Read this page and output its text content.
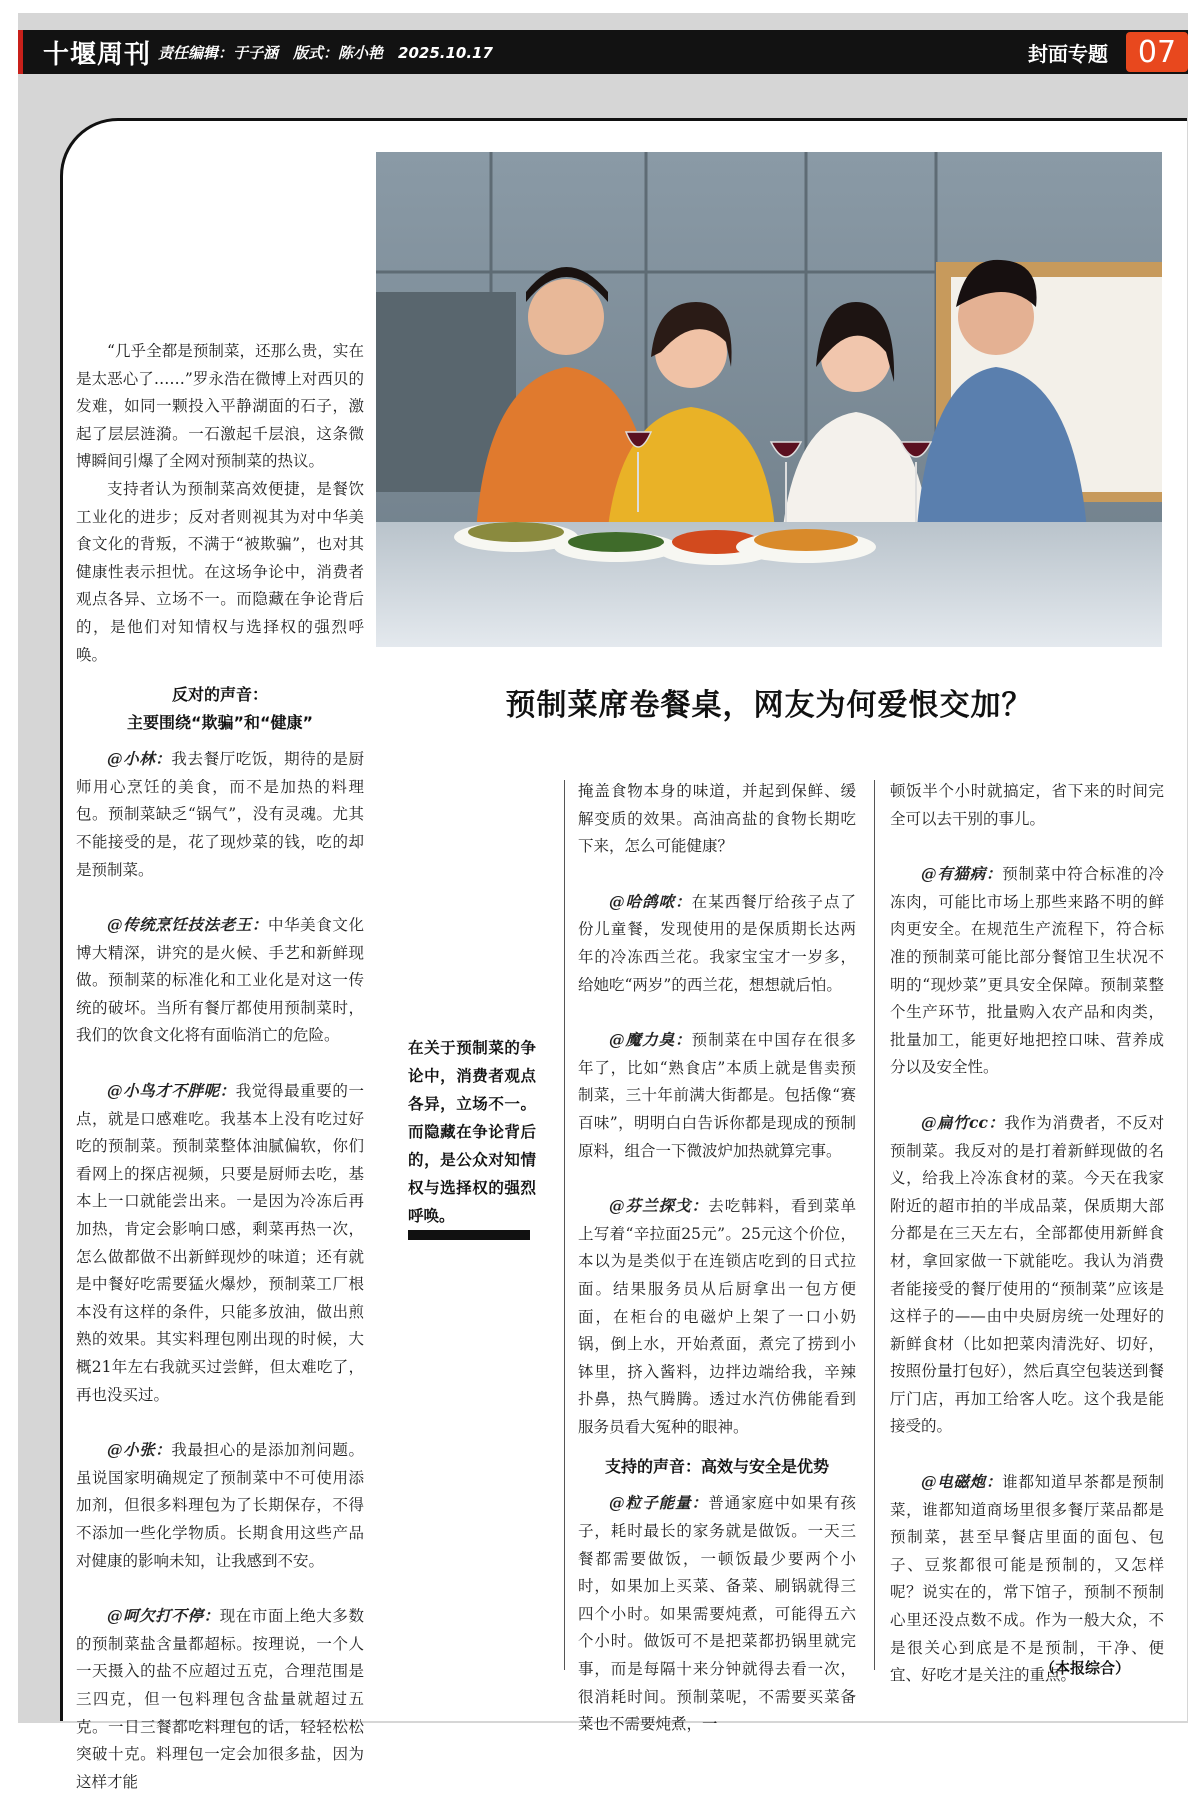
十堰周刊 责任编辑：于子涵　版式：陈小艳　2025.10.17	封面专题 07
预制菜席卷餐桌，网友为何爱恨交加？

“几乎全都是预制菜，还那么贵，实在是太恶心了……”罗永浩在微博上对西贝的发难，如同一颗投入平静湖面的石子，激起了层层涟漪。一石激起千层浪，这条微博瞬间引爆了全网对预制菜的热议。

支持者认为预制菜高效便捷，是餐饮工业化的进步；反对者则视其为对中华美食文化的背叛，不满于“被欺骗”，也对其健康性表示担忧。在这场争论中，消费者观点各异、立场不一。而隐藏在争论背后的，是他们对知情权与选择权的强烈呼唤。

反对的声音：
主要围绕“欺骗”和“健康”

@小林：我去餐厅吃饭，期待的是厨师用心烹饪的美食，而不是加热的料理包。预制菜缺乏“锅气”，没有灵魂。尤其不能接受的是，花了现炒菜的钱，吃的却是预制菜。

@传统烹饪技法老王：中华美食文化博大精深，讲究的是火候、手艺和新鲜现做。预制菜的标准化和工业化是对这一传统的破坏。当所有餐厅都使用预制菜时，我们的饮食文化将有面临消亡的危险。

@小鸟才不胖呢：我觉得最重要的一点，就是口感难吃。我基本上没有吃过好吃的预制菜。预制菜整体油腻偏软，你们看网上的探店视频，只要是厨师去吃，基本上一口就能尝出来。一是因为冷冻后再加热，肯定会影响口感，剩菜再热一次，怎么做都做不出新鲜现炒的味道；还有就是中餐好吃需要猛火爆炒，预制菜工厂根本没有这样的条件，只能多放油，做出煎熟的效果。其实料理包刚出现的时候，大概21年左右我就买过尝鲜，但太难吃了，再也没买过。

@小张：我最担心的是添加剂问题。虽说国家明确规定了预制菜中不可使用添加剂，但很多料理包为了长期保存，不得不添加一些化学物质。长期食用这些产品对健康的影响未知，让我感到不安。

@呵欠打不停：现在市面上绝大多数的预制菜盐含量都超标。按理说，一个人一天摄入的盐不应超过五克，合理范围是三四克，但一包料理包含盐量就超过五克。一日三餐都吃料理包的话，轻轻松松突破十克。料理包一定会加很多盐，因为这样才能

在关于预制菜的争论中，消费者观点各异，立场不一。而隐藏在争论背后的，是公众对知情权与选择权的强烈呼唤。

掩盖食物本身的味道，并起到保鲜、缓解变质的效果。高油高盐的食物长期吃下来，怎么可能健康？

@哈鸽哝：在某西餐厅给孩子点了份儿童餐，发现使用的是保质期长达两年的冷冻西兰花。我家宝宝才一岁多，给她吃“两岁”的西兰花，想想就后怕。

@魔力臭：预制菜在中国存在很多年了，比如“熟食店”本质上就是售卖预制菜，三十年前满大街都是。包括像“赛百味”，明明白白告诉你都是现成的预制原料，组合一下微波炉加热就算完事。

@芬兰探戈：去吃韩料，看到菜单上写着“辛拉面25元”。25元这个价位，本以为是类似于在连锁店吃到的日式拉面。结果服务员从后厨拿出一包方便面，在柜台的电磁炉上架了一口小奶锅，倒上水，开始煮面，煮完了捞到小钵里，挤入酱料，边拌边端给我，辛辣扑鼻，热气腾腾。透过水汽仿佛能看到服务员看大冤种的眼神。

支持的声音：高效与安全是优势

@粒子能量：普通家庭中如果有孩子，耗时最长的家务就是做饭。一天三餐都需要做饭，一顿饭最少要两个小时，如果加上买菜、备菜、刷锅就得三四个小时。如果需要炖煮，可能得五六个小时。做饭可不是把菜都扔锅里就完事，而是每隔十来分钟就得去看一次，很消耗时间。预制菜呢，不需要买菜备菜也不需要炖煮，一

顿饭半个小时就搞定，省下来的时间完全可以去干别的事儿。

@有猫病：预制菜中符合标准的冷冻肉，可能比市场上那些来路不明的鲜肉更安全。在规范生产流程下，符合标准的预制菜可能比部分餐馆卫生状况不明的“现炒菜”更具安全保障。预制菜整个生产环节，批量购入农产品和肉类，批量加工，能更好地把控口味、营养成分以及安全性。

@扁竹cc：我作为消费者，不反对预制菜。我反对的是打着新鲜现做的名义，给我上冷冻食材的菜。今天在我家附近的超市拍的半成品菜，保质期大部分都是在三天左右，全部都使用新鲜食材，拿回家做一下就能吃。我认为消费者能接受的餐厅使用的“预制菜”应该是这样子的——由中央厨房统一处理好的新鲜食材（比如把菜肉清洗好、切好，按照份量打包好），然后真空包装送到餐厅门店，再加工给客人吃。这个我是能接受的。

@电磁炮：谁都知道早茶都是预制菜，谁都知道商场里很多餐厅菜品都是预制菜，甚至早餐店里面的面包、包子、豆浆都很可能是预制的，又怎样呢？说实在的，常下馆子，预制不预制心里还没点数不成。作为一般大众，不是很关心到底是不是预制，干净、便宜、好吃才是关注的重点。

（本报综合）
